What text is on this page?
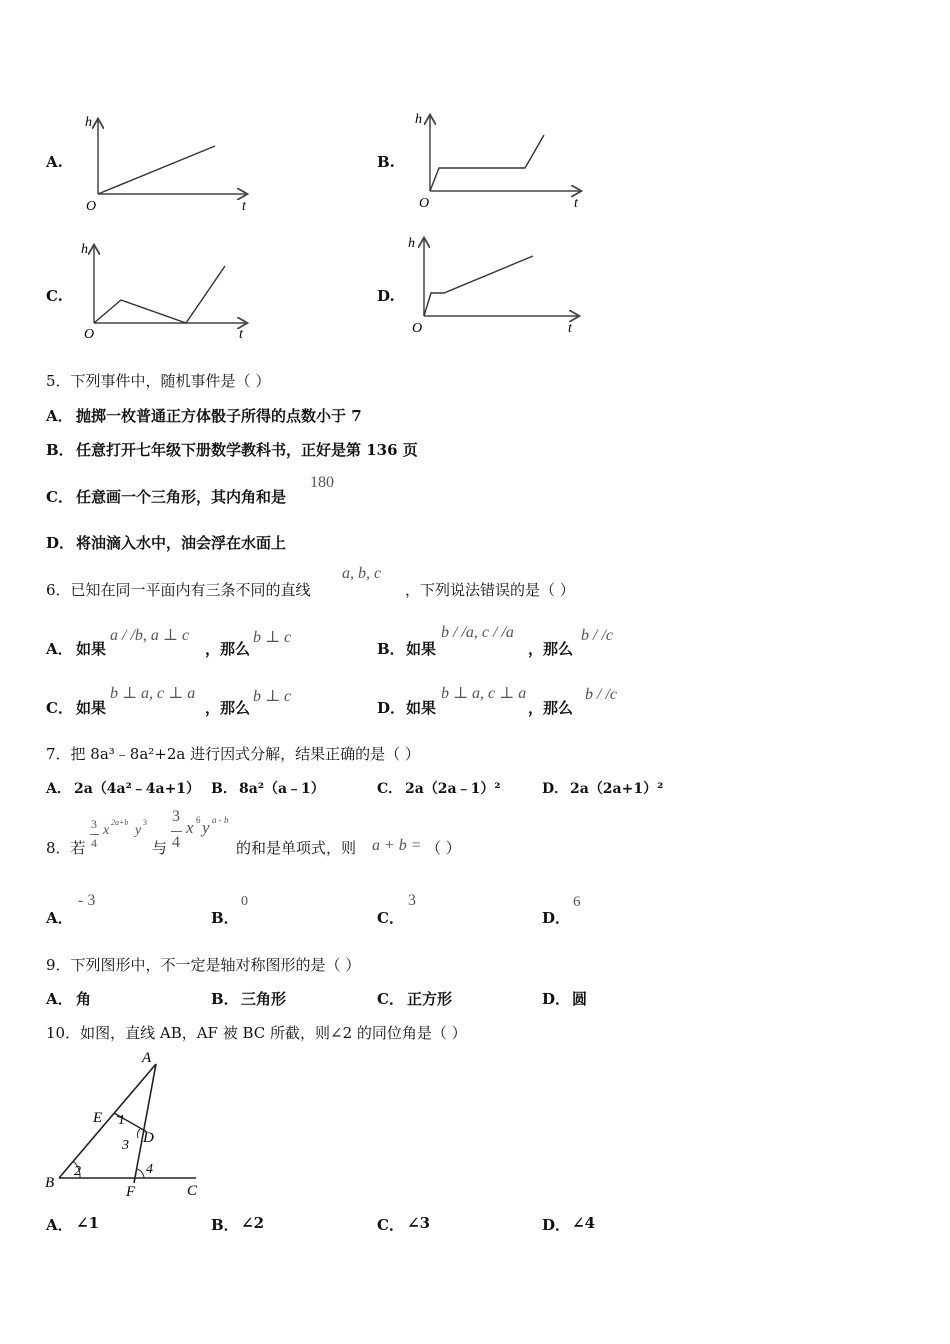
A.
h
O	t
B.
h
O	t
C.
h
O	t
D.
h
O	t
5．下列事件中，随机事件是（ ）
A． 抛掷一枚普通正方体骰子所得的点数小于 7
B． 任意打开七年级下册数学教科书，正好是第 136 页
C． 任意画一个三角形，其内角和是
180
D． 将油滴入水中，油会浮在水面上
6．已知在同一平面内有三条不同的直线
a, b, c
，下列说法错误的是（ ）
A． 如果
a / /b, a ⊥ c
，那么
b ⊥ c
B． 如果
b / /a, c / /a
，那么
b / /c
C． 如果
b ⊥ a, c ⊥ a
，那么
b ⊥ c
D． 如果
b ⊥ a, c ⊥ a
，那么
b / /c
7．把 8a³﹣8a²+2a 进行因式分解，结果正确的是（ ）
A． 2a（4a²﹣4a+1） B． 8a²（a﹣1）	C． 2a（2a﹣1）²	D． 2a（2a+1）²
8．若
3
4
x
2a+b
y
3
与
3
4
x 6 y a - b
的和是单项式，则 a + b = （ ）
A．
- 3
B．
0
C．
3
D．
6
9．下列图形中，不一定是轴对称图形的是（ ）
A． 角	B． 三角形	C． 正方形	D． 圆
10．如图，直线 AB，AF 被 BC 所截，则∠2 的同位角是（ ）
A
B	C
D
E
F
1
2
3
4
A． ∠1	B． ∠2	C． ∠3	D． ∠4
